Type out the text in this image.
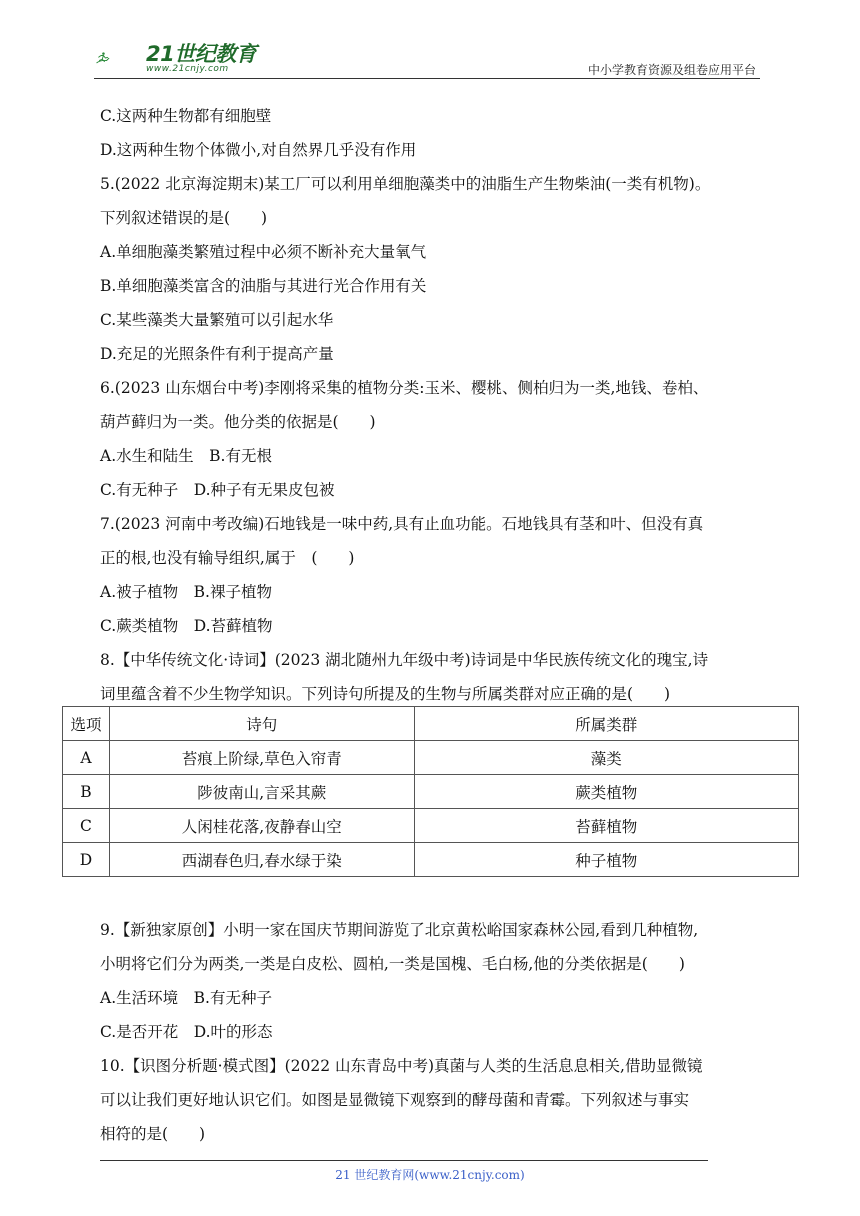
21世纪教育
www.21cnjy.com	中小学教育资源及组卷应用平台
C.这两种生物都有细胞壁
D.这两种生物个体微小,对自然界几乎没有作用
5.(2022 北京海淀期末)某工厂可以利用单细胞藻类中的油脂生产生物柴油(一类有机物)。
下列叙述错误的是(　　)
A.单细胞藻类繁殖过程中必须不断补充大量氧气
B.单细胞藻类富含的油脂与其进行光合作用有关
C.某些藻类大量繁殖可以引起水华
D.充足的光照条件有利于提高产量
6.(2023 山东烟台中考)李刚将采集的植物分类:玉米、樱桃、侧柏归为一类,地钱、卷柏、
葫芦藓归为一类。他分类的依据是(　　)
A.水生和陆生　B.有无根
C.有无种子　D.种子有无果皮包被
7.(2023 河南中考改编)石地钱是一味中药,具有止血功能。石地钱具有茎和叶、但没有真
正的根,也没有输导组织,属于　(　　)
A.被子植物　B.裸子植物
C.蕨类植物　D.苔藓植物
8.【中华传统文化·诗词】(2023 湖北随州九年级中考)诗词是中华民族传统文化的瑰宝,诗
词里蕴含着不少生物学知识。下列诗句所提及的生物与所属类群对应正确的是(　　)
选项	诗句	所属类群
A	苔痕上阶绿,草色入帘青	藻类
B	陟彼南山,言采其蕨	蕨类植物
C	人闲桂花落,夜静春山空	苔藓植物
D	西湖春色归,春水绿于染	种子植物
9.【新独家原创】小明一家在国庆节期间游览了北京黄松峪国家森林公园,看到几种植物,
小明将它们分为两类,一类是白皮松、圆柏,一类是国槐、毛白杨,他的分类依据是(　　)
A.生活环境　B.有无种子
C.是否开花　D.叶的形态
10.【识图分析题·模式图】(2022 山东青岛中考)真菌与人类的生活息息相关,借助显微镜
可以让我们更好地认识它们。如图是显微镜下观察到的酵母菌和青霉。下列叙述与事实
相符的是(　　)
21 世纪教育网(www.21cnjy.com)
